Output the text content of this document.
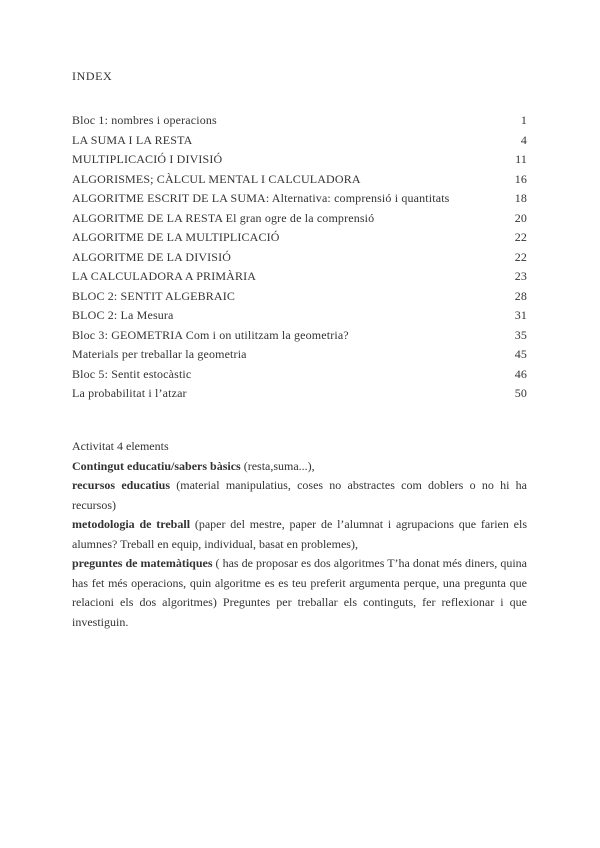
INDEX
Bloc 1: nombres i operacions	1
LA SUMA I LA RESTA	4
MULTIPLICACIÓ I DIVISIÓ	11
ALGORISMES; CÀLCUL MENTAL I CALCULADORA	16
ALGORITME ESCRIT DE LA SUMA: Alternativa: comprensió i quantitats	18
ALGORITME DE LA RESTA El gran ogre de la comprensió	20
ALGORITME DE LA MULTIPLICACIÓ	22
ALGORITME DE LA DIVISIÓ	22
LA CALCULADORA A PRIMÀRIA	23
BLOC 2: SENTIT ALGEBRAIC	28
BLOC 2: La Mesura	31
Bloc 3: GEOMETRIA Com i on utilitzam la geometria?	35
Materials per treballar la geometria	45
Bloc 5: Sentit estocàstic	46
La probabilitat i l’atzar	50

Activitat 4 elements

Contingut educatiu/sabers bàsics (resta,suma...),

recursos educatius (material manipulatius, coses no abstractes com doblers o no hi ha recursos)

metodologia de treball (paper del mestre, paper de l’alumnat i agrupacions que farien els alumnes? Treball en equip, individual, basat en problemes),

preguntes de matemàtiques ( has de proposar es dos algoritmes T’ha donat més diners, quina has fet més operacions, quin algoritme es es teu preferit argumenta perque, una pregunta que relacioni els dos algoritmes) Preguntes per treballar els continguts, fer reflexionar i que investiguin.
